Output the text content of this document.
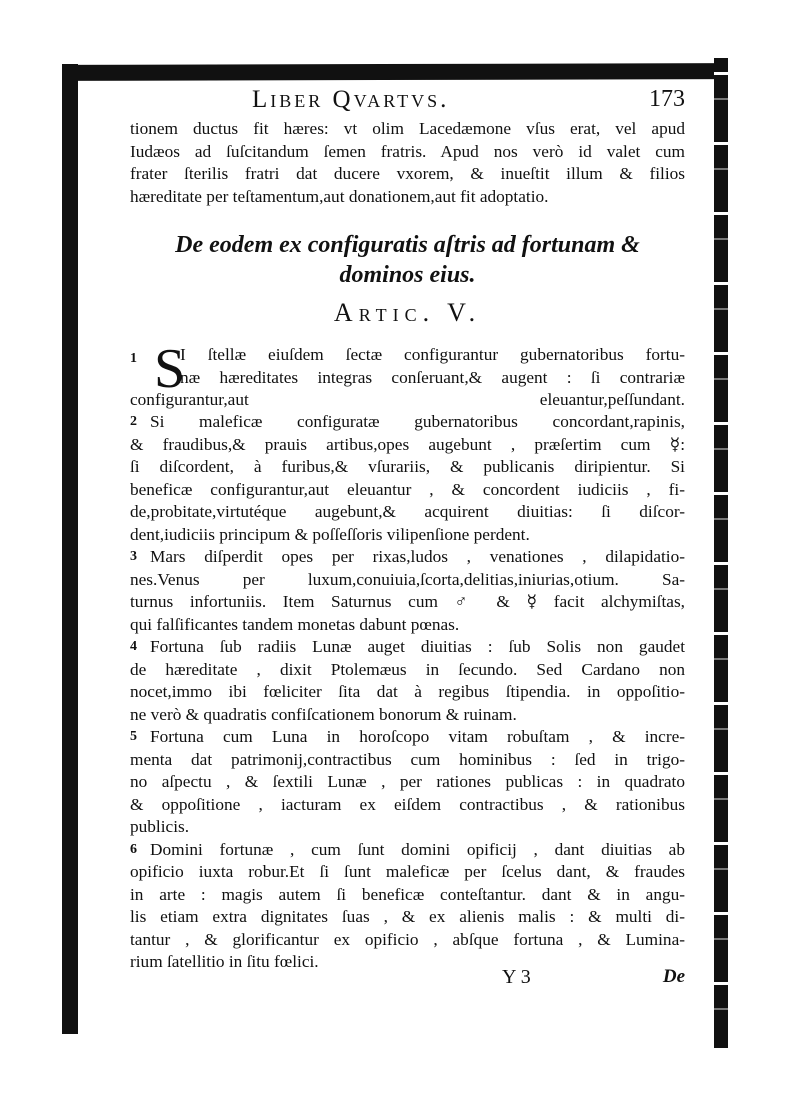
Liber Qvartvs.	173
tionem ductus fit hæres: vt olim Lacedæmone vſus erat, vel apud
Iudæos ad ſuſcitandum ſemen fratris. Apud nos verò id valet cum
frater ſterilis fratri dat ducere vxorem, & inueſtit illum & filios
hæreditate per teſtamentum,aut donationem,aut fit adoptatio.
De eodem ex configuratis aſtris ad fortunam &
dominos eius.
Artic. V.
1 S
I ſtellæ eiuſdem ſectæ configurantur gubernatoribus fortu-
næ hæreditates integras conſeruant,& augent : ſi contrariæ
configurantur,aut eleuantur,peſſundant.
2 Si maleficæ configuratæ gubernatoribus concordant,rapinis,
& fraudibus,& prauis artibus,opes augebunt , præſertim cum ☿:
ſi diſcordent, à furibus,& vſurariis, & publicanis diripientur. Si
beneficæ configurantur,aut eleuantur , & concordent iudiciis , fi-
de,probitate,virtutéque augebunt,& acquirent diuitias: ſi diſcor-
dent,iudiciis principum & poſſeſſoris vilipenſione perdent.
3 Mars diſperdit opes per rixas,ludos , venationes , dilapidatio-
nes.Venus per luxum,conuiuia,ſcorta,delitias,iniurias,otium. Sa-
turnus infortuniis. Item Saturnus cum ♂ & ☿ facit alchymiſtas,
qui falſificantes tandem monetas dabunt pœnas.
4 Fortuna ſub radiis Lunæ auget diuitias : ſub Solis non gaudet
de hæreditate , dixit Ptolemæus in ſecundo. Sed Cardano non
nocet,immo ibi fœliciter ſita dat à regibus ſtipendia. in oppoſitio-
ne verò & quadratis confiſcationem bonorum & ruinam.
5 Fortuna cum Luna in horoſcopo vitam robuſtam , & incre-
menta dat patrimonij,contractibus cum hominibus : ſed in trigo-
no aſpectu , & ſextili Lunæ , per rationes publicas : in quadrato
& oppoſitione , iacturam ex eiſdem contractibus , & rationibus
publicis.
6 Domini fortunæ , cum ſunt domini opificij , dant diuitias ab
opificio iuxta robur.Et ſi ſunt maleficæ per ſcelus dant, & fraudes
in arte : magis autem ſi beneficæ conteſtantur. dant & in angu-
lis etiam extra dignitates ſuas , & ex alienis malis : & multi di-
tantur , & glorificantur ex opificio , abſque fortuna , & Lumina-
rium ſatellitio in ſitu fœlici.
Y 3	De
